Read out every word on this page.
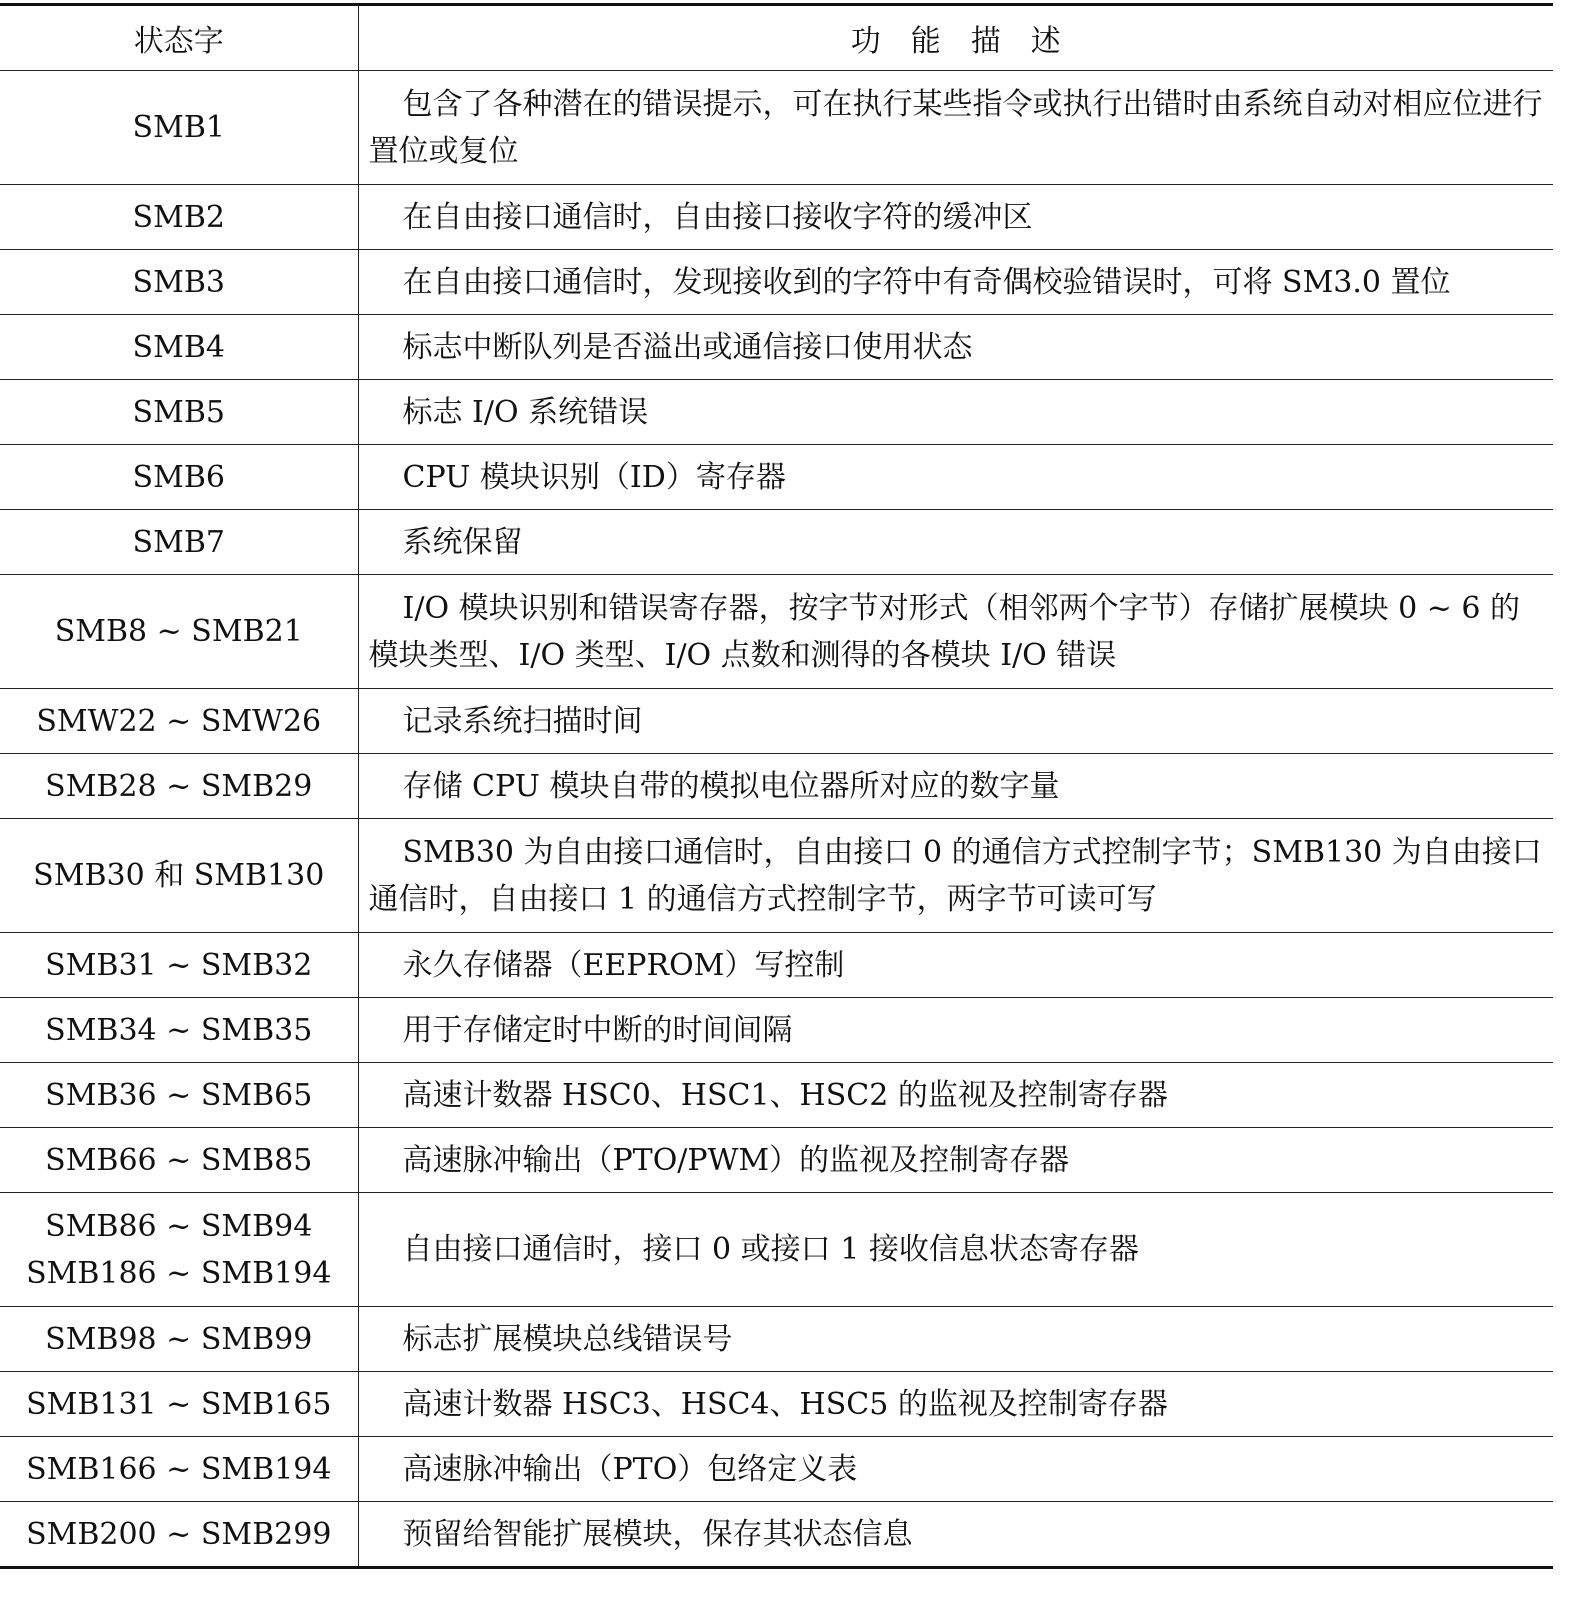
状态字	功能描述

SMB1	包含了各种潜在的错误提示，可在执行某些指令或执行出错时由系统自动对相应位进行置位或复位

SMB2	在自由接口通信时，自由接口接收字符的缓冲区

SMB3	在自由接口通信时，发现接收到的字符中有奇偶校验错误时，可将 SM3.0 置位

SMB4	标志中断队列是否溢出或通信接口使用状态

SMB5	标志 I/O 系统错误

SMB6	CPU 模块识别（ID）寄存器

SMB7	系统保留

SMB8 ~ SMB21	I/O 模块识别和错误寄存器，按字节对形式（相邻两个字节）存储扩展模块 0 ~ 6 的模块类型、I/O 类型、I/O 点数和测得的各模块 I/O 错误

SMW22 ~ SMW26	记录系统扫描时间

SMB28 ~ SMB29	存储 CPU 模块自带的模拟电位器所对应的数字量

SMB30 和 SMB130	SMB30 为自由接口通信时，自由接口 0 的通信方式控制字节；SMB130 为自由接口通信时，自由接口 1 的通信方式控制字节，两字节可读可写

SMB31 ~ SMB32	永久存储器（EEPROM）写控制

SMB34 ~ SMB35	用于存储定时中断的时间间隔

SMB36 ~ SMB65	高速计数器 HSC0、HSC1、HSC2 的监视及控制寄存器

SMB66 ~ SMB85	高速脉冲输出（PTO/PWM）的监视及控制寄存器

SMB86 ~ SMB94
SMB186 ~ SMB194	自由接口通信时，接口 0 或接口 1 接收信息状态寄存器

SMB98 ~ SMB99	标志扩展模块总线错误号

SMB131 ~ SMB165	高速计数器 HSC3、HSC4、HSC5 的监视及控制寄存器

SMB166 ~ SMB194	高速脉冲输出（PTO）包络定义表

SMB200 ~ SMB299	预留给智能扩展模块，保存其状态信息
